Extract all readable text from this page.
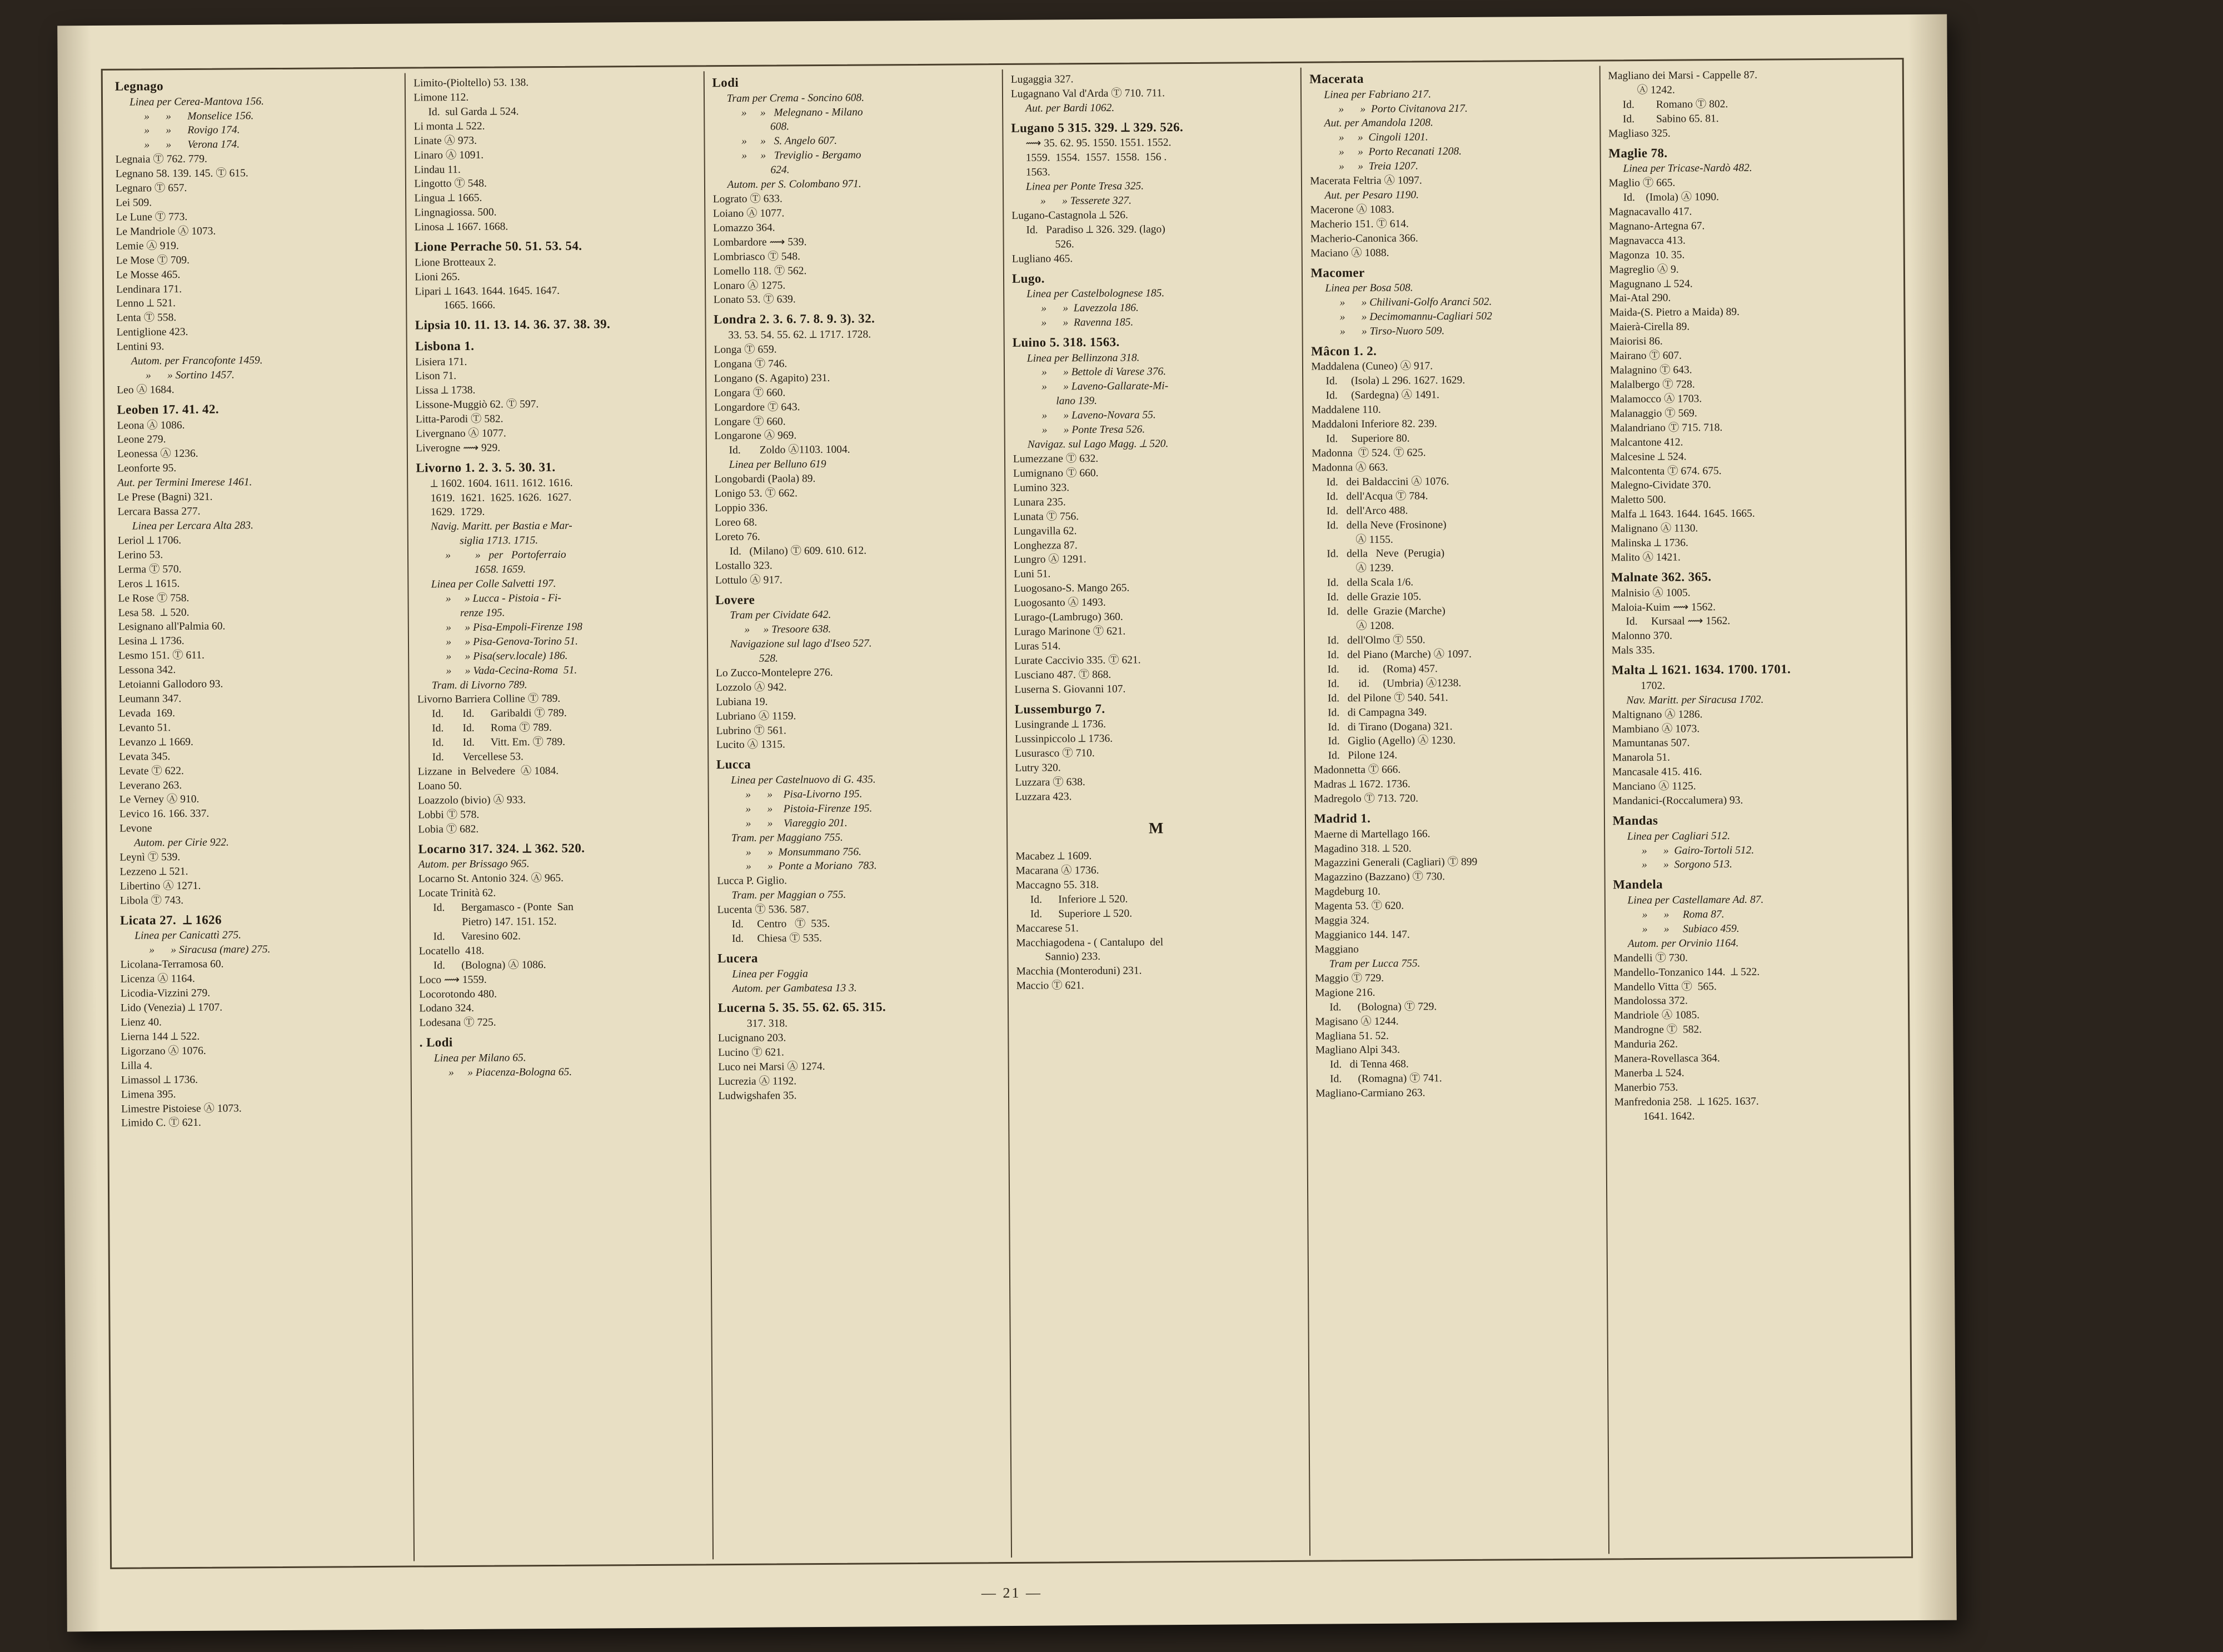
Legnago
Linea per Cerea-Mantova 156.
»      »      Monselice 156.
»      »      Rovigo 174.
»      »      Verona 174.
Legnaia Ⓣ 762. 779.
Legnano 58. 139. 145. Ⓣ 615.
Legnaro Ⓣ 657.
Lei 509.
Le Lune Ⓣ 773.
Le Mandriole Ⓐ 1073.
Lemie Ⓐ 919.
Le Mose Ⓣ 709.
Le Mosse 465.
Lendinara 171.
Lenno ⟂ 521.
Lenta Ⓣ 558.
Lentiglione 423.
Lentini 93.
Autom. per Francofonte 1459.
»      » Sortino 1457.
Leo Ⓐ 1684.
Leoben 17. 41. 42.
Leona Ⓐ 1086.
Leone 279.
Leonessa Ⓐ 1236.
Leonforte 95.
Aut. per Termini Imerese 1461.
Le Prese (Bagni) 321.
Lercara Bassa 277.
Linea per Lercara Alta 283.
Leriol ⟂ 1706.
Lerino 53.
Lerma Ⓣ 570.
Leros ⟂ 1615.
Le Rose Ⓣ 758.
Lesa 58.  ⟂ 520.
Lesignano all'Palmia 60.
Lesina ⟂ 1736.
Lesmo 151. Ⓣ 611.
Lessona 342.
Letoianni Gallodoro 93.
Leumann 347.
Levada  169.
Levanto 51.
Levanzo ⟂ 1669.
Levata 345.
Levate Ⓣ 622.
Leverano 263.
Le Verney Ⓐ 910.
Levico 16. 166. 337.
Levone
Autom. per Cirie 922.
Leynì Ⓣ 539.
Lezzeno ⟂ 521.
Libertino Ⓐ 1271.
Libola Ⓣ 743.
Licata 27.  ⟂ 1626
Linea per Canicattì 275.
»      » Siracusa (mare) 275.
Licolana-Terramosa 60.
Licenza Ⓐ 1164.
Licodia-Vizzini 279.
Lido (Venezia) ⟂ 1707.
Lienz 40.
Lierna 144 ⟂ 522.
Ligorzano Ⓐ 1076.
Lilla 4.
Limassol ⟂ 1736.
Limena 395.
Limestre Pistoiese Ⓐ 1073.
Limido C. Ⓣ 621.
Limito-(Pioltello) 53. 138.
Limone 112.
Id.  sul Garda ⟂ 524.
Li monta ⟂ 522.
Linate Ⓐ 973.
Linaro Ⓐ 1091.
Lindau 11.
Lingotto Ⓣ 548.
Lingua ⟂ 1665.
Lingnagiossa. 500.
Linosa ⟂ 1667. 1668.
Lione Perrache 50. 51. 53. 54.
Lione Brotteaux 2.
Lioni 265.
Lipari ⟂ 1643. 1644. 1645. 1647.
1665. 1666.
Lipsia 10. 11. 13. 14. 36. 37. 38. 39.
Lisbona 1.
Lisiera 171.
Lison 71.
Lissa ⟂ 1738.
Lissone-Muggiò 62. Ⓣ 597.
Litta-Parodi Ⓣ 582.
Livergnano Ⓐ 1077.
Liverogne ⟿ 929.
Livorno 1. 2. 3. 5. 30. 31.
⟂ 1602. 1604. 1611. 1612. 1616.
1619.  1621.  1625. 1626.  1627.
1629.  1729.
Navig. Maritt. per Bastia e Mar-
siglia 1713. 1715.
»         »   per   Portoferraio
1658. 1659.
Linea per Colle Salvetti 197.
»     » Lucca - Pistoia - Fi-
renze 195.
»     » Pisa-Empoli-Firenze 198
»     » Pisa-Genova-Torino 51.
»     » Pisa(serv.locale) 186.
»     » Vada-Cecina-Roma  51.
Tram. di Livorno 789.
Livorno Barriera Colline Ⓣ 789.
Id.       Id.      Garibaldi Ⓣ 789.
Id.       Id.      Roma Ⓣ 789.
Id.       Id.      Vitt. Em. Ⓣ 789.
Id.       Vercellese 53.
Lizzane  in  Belvedere  Ⓐ 1084.
Loano 50.
Loazzolo (bivio) Ⓐ 933.
Lobbi Ⓣ 578.
Lobia Ⓣ 682.
Locarno 317. 324. ⟂ 362. 520.
Autom. per Brissago 965.
Locarno St. Antonio 324. Ⓐ 965.
Locate Trinità 62.
Id.      Bergamasco - (Ponte  San
Pietro) 147. 151. 152.
Id.      Varesino 602.
Locatello  418.
Id.      (Bologna) Ⓐ 1086.
Loco ⟿ 1559.
Locorotondo 480.
Lodano 324.
Lodesana Ⓣ 725.
. Lodi
Linea per Milano 65.
»     » Piacenza-Bologna 65.
Lodi
Tram per Crema - Soncino 608.
»     »   Melegnano - Milano
608.
»     »   S. Angelo 607.
»     »   Treviglio - Bergamo
624.
Autom. per S. Colombano 971.
Lograto Ⓣ 633.
Loiano Ⓐ 1077.
Lomazzo 364.
Lombardore ⟿ 539.
Lombriasco Ⓣ 548.
Lomello 118. Ⓣ 562.
Lonaro Ⓐ 1275.
Lonato 53. Ⓣ 639.
Londra 2. 3. 6. 7. 8. 9. 3). 32.
33. 53. 54. 55. 62. ⟂ 1717. 1728.
Longa Ⓣ 659.
Longana Ⓣ 746.
Longano (S. Agapito) 231.
Longara Ⓣ 660.
Longardore Ⓣ 643.
Longare Ⓣ 660.
Longarone Ⓐ 969.
Id.       Zoldo Ⓐ1103. 1004.
Linea per Belluno 619
Longobardi (Paola) 89.
Lonigo 53. Ⓣ 662.
Loppio 336.
Loreo 68.
Loreto 76.
Id.   (Milano) Ⓣ 609. 610. 612.
Lostallo 323.
Lottulo Ⓐ 917.
Lovere
Tram per Cividate 642.
»     » Tresoore 638.
Navigazione sul lago d'Iseo 527.
528.
Lo Zucco-Montelepre 276.
Lozzolo Ⓐ 942.
Lubiana 19.
Lubriano Ⓐ 1159.
Lubrino Ⓣ 561.
Lucito Ⓐ 1315.
Lucca
Linea per Castelnuovo di G. 435.
»      »    Pisa-Livorno 195.
»      »    Pistoia-Firenze 195.
»      »    Viareggio 201.
Tram. per Maggiano 755.
»      »  Monsummano 756.
»      »  Ponte a Moriano  783.
Lucca P. Giglio.
Tram. per Maggian o 755.
Lucenta Ⓣ 536. 587.
Id.     Centro   Ⓣ  535.
Id.     Chiesa Ⓣ 535.
Lucera
Linea per Foggia
Autom. per Gambatesa 13 3.
Lucerna 5. 35. 55. 62. 65. 315.
317. 318.
Lucignano 203.
Lucino Ⓣ 621.
Luco nei Marsi Ⓐ 1274.
Lucrezia Ⓐ 1192.
Ludwigshafen 35.
Lugaggia 327.
Lugagnano Val d'Arda Ⓣ 710. 711.
Aut. per Bardi 1062.
Lugano 5 315. 329. ⟂ 329. 526.
⟿ 35. 62. 95. 1550. 1551. 1552.
1559.  1554.  1557.  1558.  156 .
1563.
Linea per Ponte Tresa 325.
»      » Tesserete 327.
Lugano-Castagnola ⟂ 526.
Id.   Paradiso ⟂ 326. 329. (lago)
526.
Lugliano 465.
Lugo.
Linea per Castelbolognese 185.
»      »  Lavezzola 186.
»      »  Ravenna 185.
Luino 5. 318. 1563.
Linea per Bellinzona 318.
»      » Bettole di Varese 376.
»      » Laveno-Gallarate-Mi-
lano 139.
»      » Laveno-Novara 55.
»      » Ponte Tresa 526.
Navigaz. sul Lago Magg. ⟂ 520.
Lumezzane Ⓣ 632.
Lumignano Ⓣ 660.
Lumino 323.
Lunara 235.
Lunata Ⓣ 756.
Lungavilla 62.
Longhezza 87.
Lungro Ⓐ 1291.
Luni 51.
Luogosano-S. Mango 265.
Luogosanto Ⓐ 1493.
Lurago-(Lambrugo) 360.
Lurago Marinone Ⓣ 621.
Luras 514.
Lurate Caccivio 335. Ⓣ 621.
Lusciano 487. Ⓣ 868.
Luserna S. Giovanni 107.
Lussemburgo 7.
Lusingrande ⟂ 1736.
Lussinpiccolo ⟂ 1736.
Lusurasco Ⓣ 710.
Lutry 320.
Luzzara Ⓣ 638.
Luzzara 423.
M
Macabez ⟂ 1609.
Macarana Ⓐ 1736.
Maccagno 55. 318.
Id.      Inferiore ⟂ 520.
Id.      Superiore ⟂ 520.
Maccarese 51.
Macchiagodena - ( Cantalupo  del
Sannio) 233.
Macchia (Monteroduni) 231.
Maccio Ⓣ 621.
Macerata
Linea per Fabriano 217.
»      »  Porto Civitanova 217.
Aut. per Amandola 1208.
»     »  Cingoli 1201.
»     »  Porto Recanati 1208.
»     »  Treia 1207.
Macerata Feltria Ⓐ 1097.
Aut. per Pesaro 1190.
Macerone Ⓐ 1083.
Macherio 151. Ⓣ 614.
Macherio-Canonica 366.
Maciano Ⓐ 1088.
Macomer
Linea per Bosa 508.
»      » Chilivani-Golfo Aranci 502.
»      » Decimomannu-Cagliari 502
»      » Tirso-Nuoro 509.
Mâcon 1. 2.
Maddalena (Cuneo) Ⓐ 917.
Id.     (Isola) ⟂ 296. 1627. 1629.
Id.     (Sardegna) Ⓐ 1491.
Maddalene 110.
Maddaloni Inferiore 82. 239.
Id.     Superiore 80.
Madonna  Ⓣ 524. Ⓣ 625.
Madonna Ⓐ 663.
Id.   dei Baldaccini Ⓐ 1076.
Id.   dell'Acqua Ⓣ 784.
Id.   dell'Arco 488.
Id.   della Neve (Frosinone)
Ⓐ 1155.
Id.   della   Neve  (Perugia)
Ⓐ 1239.
Id.   della Scala 1/6.
Id.   delle Grazie 105.
Id.   delle  Grazie (Marche)
Ⓐ 1208.
Id.   dell'Olmo Ⓣ 550.
Id.   del Piano (Marche) Ⓐ 1097.
Id.       id.     (Roma) 457.
Id.       id.     (Umbria) Ⓐ1238.
Id.   del Pilone Ⓣ 540. 541.
Id.   di Campagna 349.
Id.   di Tirano (Dogana) 321.
Id.   Giglio (Agello) Ⓐ 1230.
Id.   Pilone 124.
Madonnetta Ⓣ 666.
Madras ⟂ 1672. 1736.
Madregolo Ⓣ 713. 720.
Madrid 1.
Maerne di Martellago 166.
Magadino 318. ⟂ 520.
Magazzini Generali (Cagliari) Ⓣ 899
Magazzino (Bazzano) Ⓣ 730.
Magdeburg 10.
Magenta 53. Ⓣ 620.
Maggia 324.
Maggianico 144. 147.
Maggiano
Tram per Lucca 755.
Maggio Ⓣ 729.
Magione 216.
Id.      (Bologna) Ⓣ 729.
Magisano Ⓐ 1244.
Magliana 51. 52.
Magliano Alpi 343.
Id.   di Tenna 468.
Id.      (Romagna) Ⓣ 741.
Magliano-Carmiano 263.
Magliano dei Marsi - Cappelle 87.
Ⓐ 1242.
Id.        Romano Ⓣ 802.
Id.        Sabino 65. 81.
Magliaso 325.
Maglie 78.
Linea per Tricase-Nardò 482.
Maglio Ⓣ 665.
Id.    (Imola) Ⓐ 1090.
Magnacavallo 417.
Magnano-Artegna 67.
Magnavacca 413.
Magonza  10. 35.
Magreglio Ⓐ 9.
Magugnano ⟂ 524.
Mai-Atal 290.
Maida-(S. Pietro a Maida) 89.
Maierà-Cirella 89.
Maiorisi 86.
Mairano Ⓣ 607.
Malagnino Ⓣ 643.
Malalbergo Ⓣ 728.
Malamocco Ⓐ 1703.
Malanaggio Ⓣ 569.
Malandriano Ⓣ 715. 718.
Malcantone 412.
Malcesine ⟂ 524.
Malcontenta Ⓣ 674. 675.
Malegno-Cividate 370.
Maletto 500.
Malfa ⟂ 1643. 1644. 1645. 1665.
Malignano Ⓐ 1130.
Malinska ⟂ 1736.
Malito Ⓐ 1421.
Malnate 362. 365.
Malnisio Ⓐ 1005.
Maloia-Kuim ⟿ 1562.
Id.     Kursaal ⟿ 1562.
Malonno 370.
Mals 335.
Malta ⟂ 1621. 1634. 1700. 1701.
1702.
Nav. Maritt. per Siracusa 1702.
Maltignano Ⓐ 1286.
Mambiano Ⓐ 1073.
Mamuntanas 507.
Manarola 51.
Mancasale 415. 416.
Manciano Ⓐ 1125.
Mandanici-(Roccalumera) 93.
Mandas
Linea per Cagliari 512.
»      »  Gairo-Tortoli 512.
»      »  Sorgono 513.
Mandela
Linea per Castellamare Ad. 87.
»      »     Roma 87.
»      »     Subiaco 459.
Autom. per Orvinio 1164.
Mandelli Ⓣ 730.
Mandello-Tonzanico 144.  ⟂ 522.
Mandello Vitta Ⓣ  565.
Mandolossa 372.
Mandriole Ⓐ 1085.
Mandrogne Ⓣ  582.
Manduria 262.
Manera-Rovellasca 364.
Manerba ⟂ 524.
Manerbio 753.
Manfredonia 258.  ⟂ 1625. 1637.
1641. 1642.
— 21 —
